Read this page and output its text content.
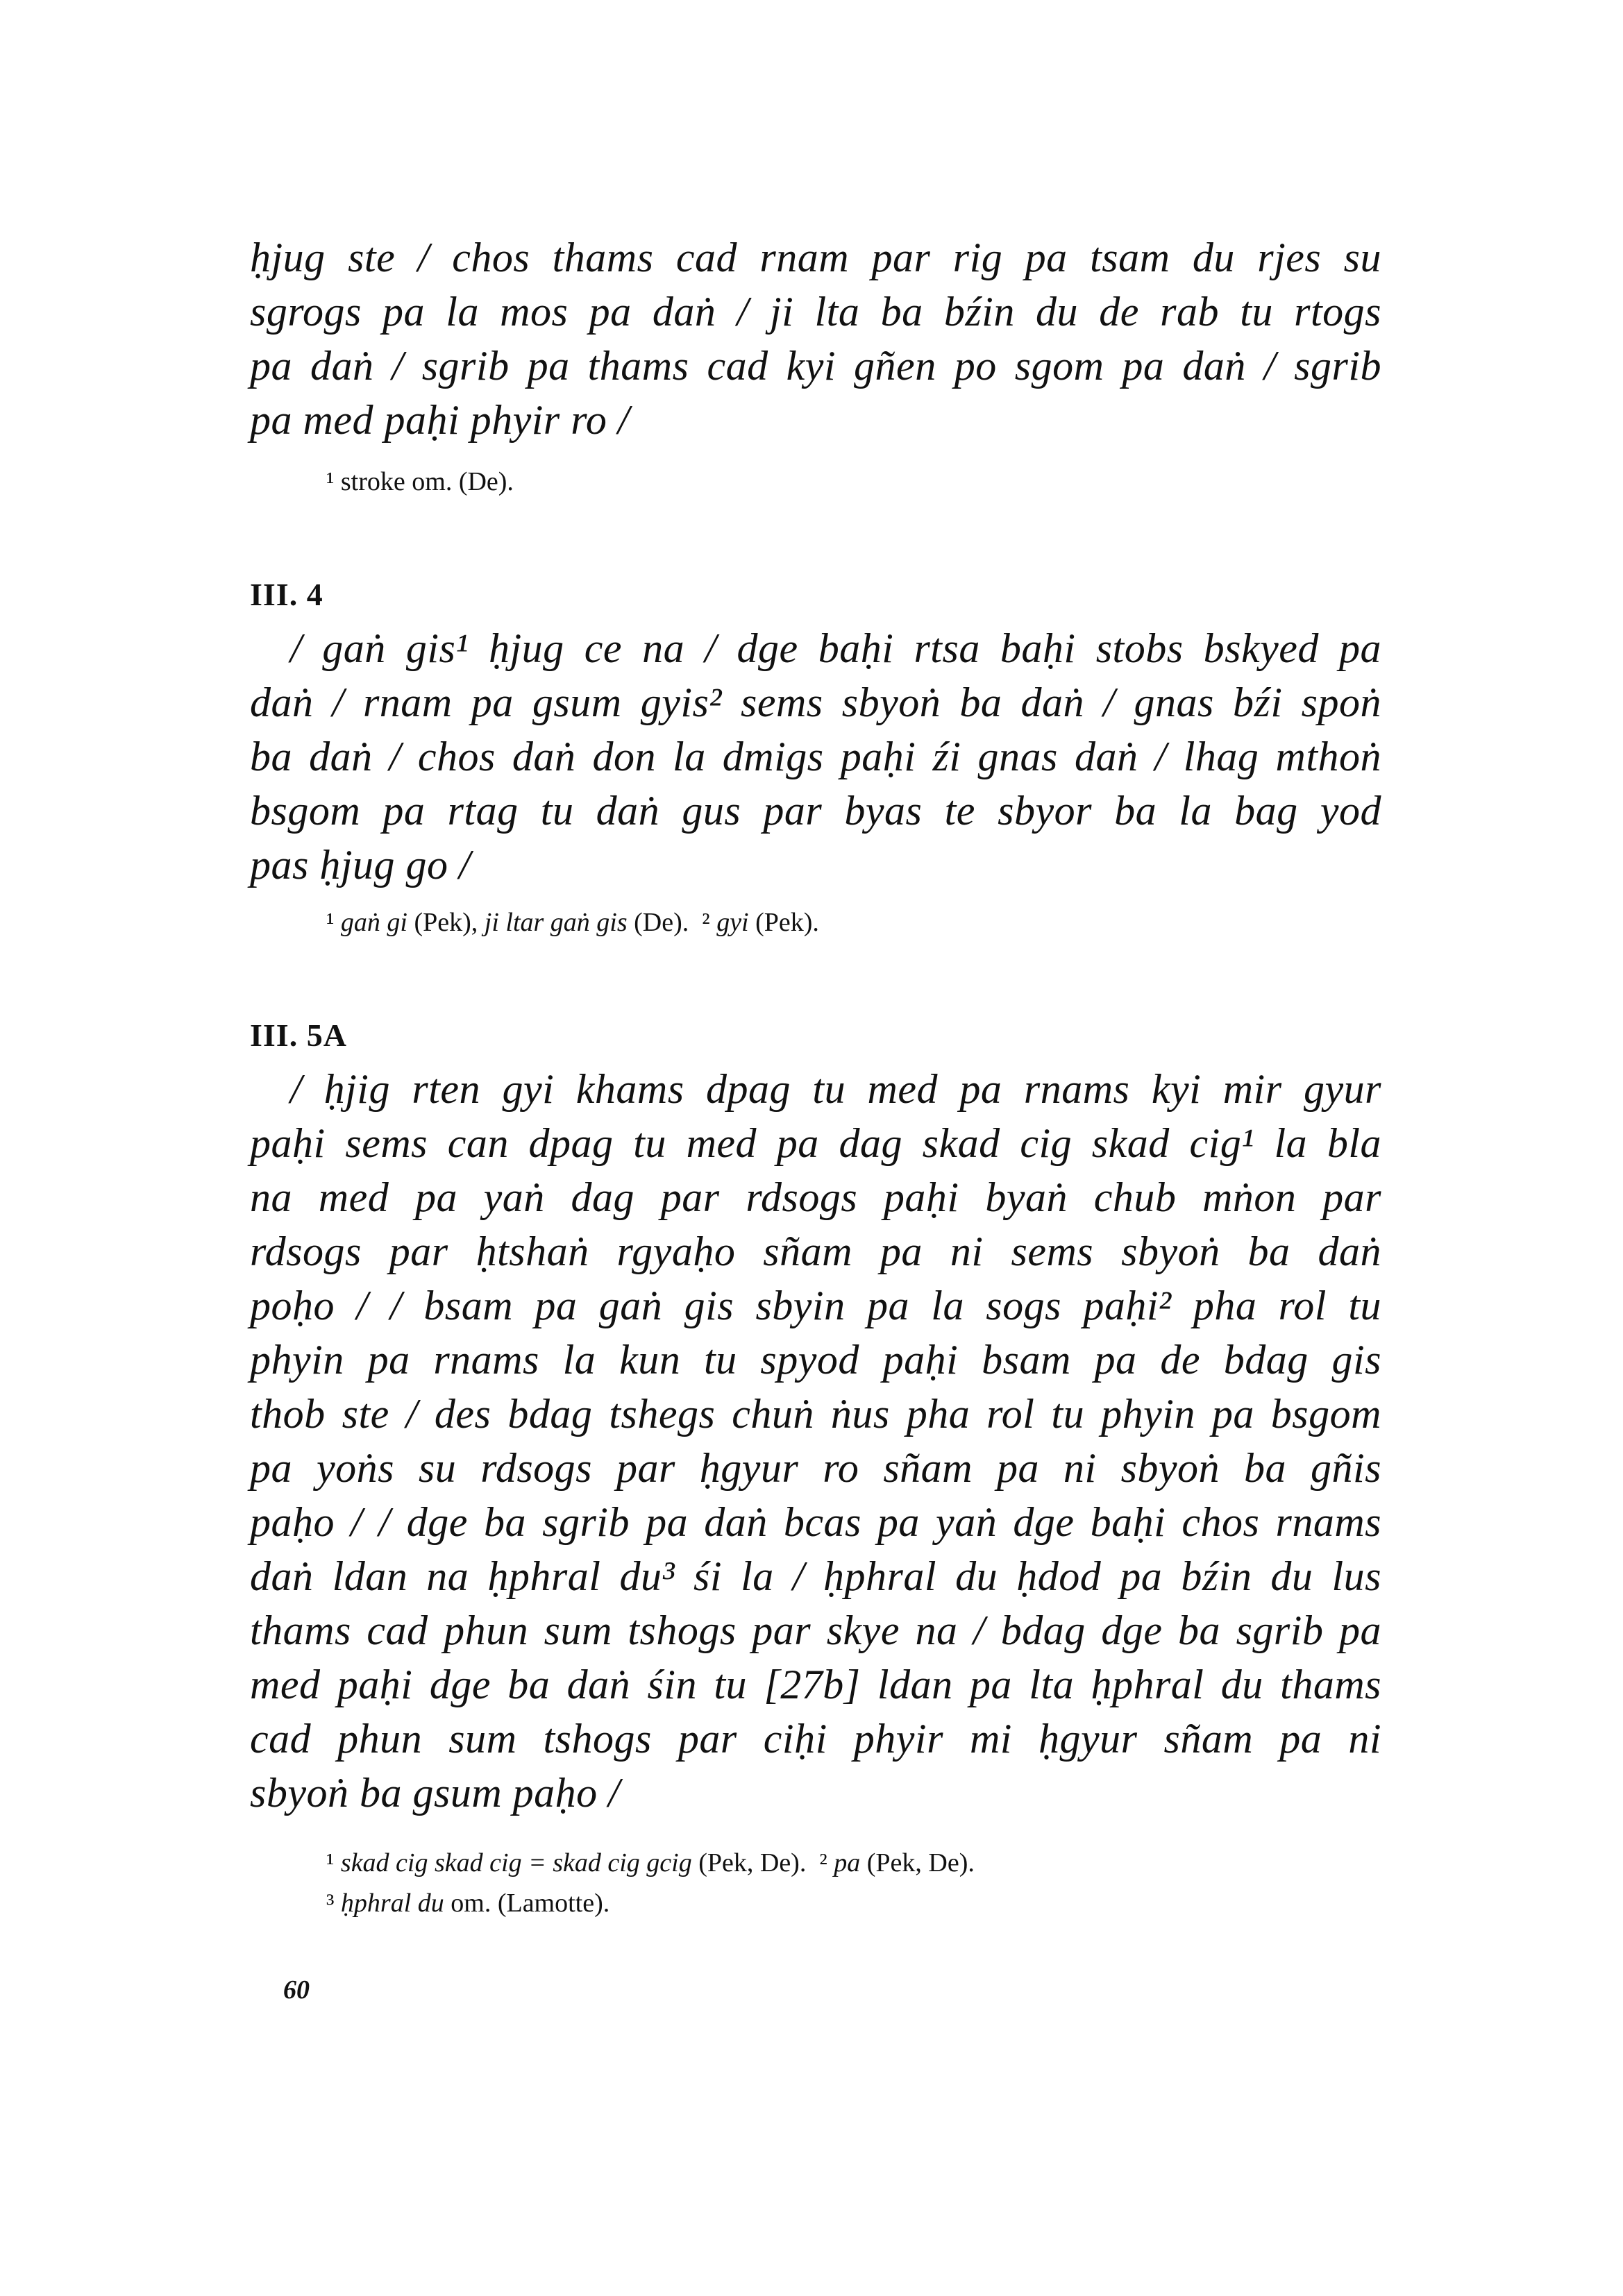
ḥjug ste / chos thams cad rnam par rig pa tsam du rjes su
sgrogs pa la mos pa daṅ / ji lta ba bźin du de rab tu rtogs
pa daṅ / sgrib pa thams cad kyi gñen po sgom pa daṅ / sgrib
pa med paḥi phyir ro /
¹ stroke om. (De).
III. 4
/ gaṅ gis¹ ḥjug ce na / dge baḥi rtsa baḥi stobs bskyed pa
daṅ / rnam pa gsum gyis² sems sbyoṅ ba daṅ / gnas bźi spoṅ
ba daṅ / chos daṅ don la dmigs paḥi źi gnas daṅ / lhag mthoṅ
bsgom pa rtag tu daṅ gus par byas te sbyor ba la bag yod
pas ḥjug go /
¹ gaṅ gi (Pek), ji ltar gaṅ gis (De). ² gyi (Pek).
III. 5A
/ ḥjig rten gyi khams dpag tu med pa rnams kyi mir gyur
paḥi sems can dpag tu med pa dag skad cig skad cig¹ la bla
na med pa yaṅ dag par rdsogs paḥi byaṅ chub mṅon par
rdsogs par ḥtshaṅ rgyaḥo sñam pa ni sems sbyoṅ ba daṅ
poḥo / / bsam pa gaṅ gis sbyin pa la sogs paḥi² pha rol tu
phyin pa rnams la kun tu spyod paḥi bsam pa de bdag gis
thob ste / des bdag tshegs chuṅ ṅus pha rol tu phyin pa bsgom
pa yoṅs su rdsogs par ḥgyur ro sñam pa ni sbyoṅ ba gñis
paḥo / / dge ba sgrib pa daṅ bcas pa yaṅ dge baḥi chos rnams
daṅ ldan na ḥphral du³ śi la / ḥphral du ḥdod pa bźin du lus
thams cad phun sum tshogs par skye na / bdag dge ba sgrib pa
med paḥi dge ba daṅ śin tu [27b] ldan pa lta ḥphral du thams
cad phun sum tshogs par ciḥi phyir mi ḥgyur sñam pa ni
sbyoṅ ba gsum paḥo /
¹ skad cig skad cig = skad cig gcig (Pek, De). ² pa (Pek, De).
³ ḥphral du om. (Lamotte).
60
